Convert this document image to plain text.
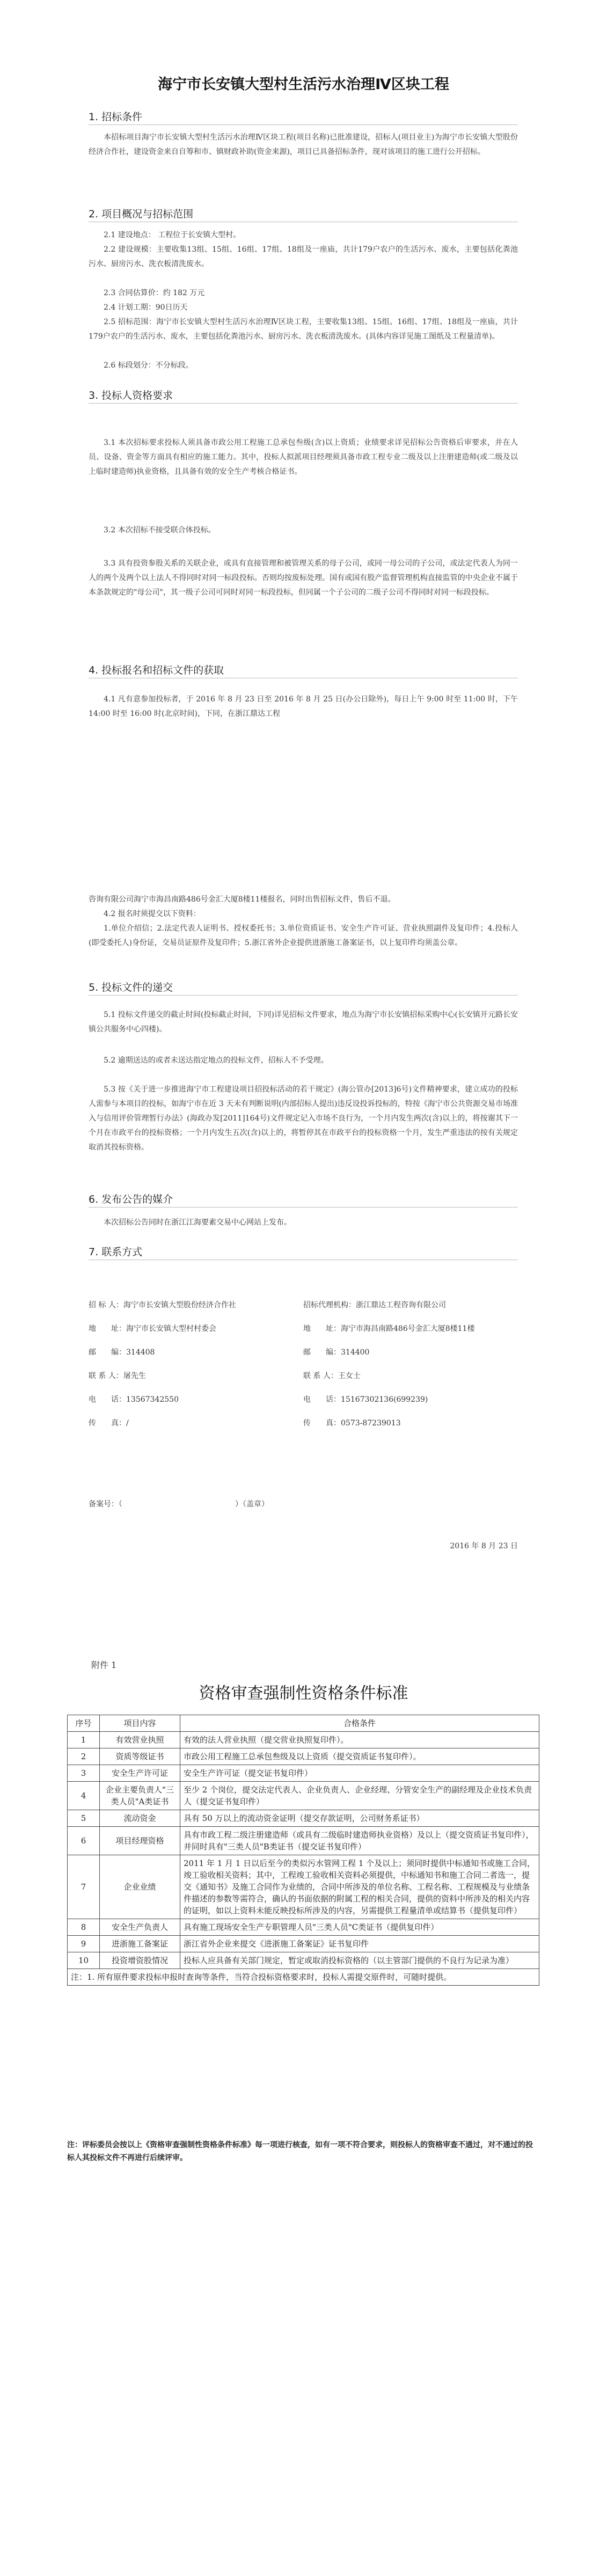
海宁市长安镇大型村生活污水治理Ⅳ区块工程
1. 招标条件
本招标项目海宁市长安镇大型村生活污水治理Ⅳ区块工程(项目名称)已批准建设，招标人(项目业主)为海宁市长安镇大型股份经济合作社，建设资金来自自筹和市、镇财政补助(资金来源)，项目已具备招标条件，现对该项目的施工进行公开招标。
2. 项目概况与招标范围
2.1 建设地点： 工程位于长安镇大型村。
2.2 建设规模：主要收集13组、15组、16组、17组、18组及一座庙，共计179户农户的生活污水、废水，主要包括化粪池污水、厨房污水、洗衣板清洗废水。
2.3 合同估算价：约 182 万元
2.4 计划工期：90日历天
2.5 招标范围：海宁市长安镇大型村生活污水治理Ⅳ区块工程，主要收集13组、15组、16组、17组、18组及一座庙，共计179户农户的生活污水、废水，主要包括化粪池污水、厨房污水、洗衣板清洗废水。(具体内容详见施工图纸及工程量清单)。
2.6 标段划分：不分标段。
3. 投标人资格要求
3.1 本次招标要求投标人须具备市政公用工程施工总承包叁级(含)以上资质；业绩要求详见招标公告资格后审要求，并在人员、设备、资金等方面具有相应的施工能力。其中，投标人拟派项目经理须具备市政工程专业二级及以上注册建造师(或二级及以上临时建造师)执业资格，且具备有效的安全生产考核合格证书。
3.2 本次招标不接受联合体投标。
3.3 具有投资参股关系的关联企业，或具有直接管理和被管理关系的母子公司，或同一母公司的子公司，或法定代表人为同一人的两个及两个以上法人不得同时对同一标段投标。否则均按废标处理。国有或国有股产监督管理机构直接监管的中央企业不属于本条款规定的"母公司"，其一级子公司可同时对同一标段投标，但同属一个子公司的二级子公司不得同时对同一标段投标。
4. 投标报名和招标文件的获取
4.1 凡有意参加投标者，于 2016 年 8 月 23 日至 2016 年 8 月 25 日(办公日除外)，每日上午 9:00 时至 11:00 时，下午 14:00 时至 16:00 时(北京时间)，下同，在浙江鼎达工程
咨询有限公司海宁市海昌南路486号金汇大厦8楼11楼报名，同时出售招标文件，售后不退。
4.2 报名时须提交以下资料：
1.单位介绍信；2.法定代表人证明书、授权委托书；3.单位资质证书、安全生产许可证、营业执照副件及复印件；4.投标人(即受委托人)身份证，交易员证原件及复印件；5.浙江省外企业提供进浙施工备案证书，以上复印件均须盖公章。
5. 投标文件的递交
5.1 投标文件递交的截止时间(投标截止时间，下同)详见招标文件要求，地点为海宁市长安镇招标采购中心(长安镇开元路长安镇公共服务中心四楼)。
5.2 逾期送达的或者未送达指定地点的投标文件，招标人不予受理。
5.3 按《关于进一步推进海宁市工程建设项目招投标活动的若干规定》(海公管办[2013]6号)文件精神要求，建立成功的投标人需参与本项目的投标，如海宁市在近 3 天未有判断说明(内部招标人提出)违反设投诉投标的，特按《海宁市公共资源交易市场准入与信用评价管理暂行办法》(海政办发[2011]164号)文件规定记入市场不良行为，一个月内发生两次(含)以上的，将按谢其下一个月在市政平台的投标资格；一个月内发生五次(含)以上的，将暂停其在市政平台的投标资格一个月，发生严重违法的按有关规定取消其投标资格。
6. 发布公告的媒介
本次招标公告同时在浙江江海要素交易中心网站上发布。
7. 联系方式
招 标 人：海宁市长安镇大型股份经济合作社	招标代理机构：浙江鼎达工程咨询有限公司
地　　址：海宁市长安镇大型村村委会	地　　址：海宁市海昌南路486号金汇大厦8楼11楼
邮　　编：314408	邮　　编：314400
联 系 人：屠先生	联 系 人：王女士
电　　话：13567342550	电　　话：15167302136(699239)
传　　真：/	传　　真：0573-87239013
备案号：（　　　　　　　　　　　　　　　）（盖章）
2016 年 8 月 23 日
附件 1
资格审查强制性资格条件标准
序号	项目内容	合格条件
1	有效营业执照	有效的法人营业执照（提交营业执照复印件）。
2	资质等级证书	市政公用工程施工总承包叁级及以上资质（提交资质证书复印件）。
3	安全生产许可证	安全生产许可证（提交证书复印件）
4	企业主要负责人"三类人员"A类证书	至少 2 个岗位，提交法定代表人、企业负责人、企业经理、分管安全生产的副经理及企业技术负责人（提交证书复印件）
5	流动资金	具有 50 万以上的流动资金证明（提交存款证明，公司财务系证书）
6	项目经理资格	具有市政工程二级注册建造师（或具有二级临时建造师执业资格）及以上（提交资质证书复印件），并同时具有"三类人员"B类证书（提交证书复印件）
7	企业业绩	2011 年 1 月 1 日以后至今的类似污水管网工程 1 个及以上；须同时提供中标通知书或施工合同，竣工验收相关资料；其中，工程竣工验收相关资料必须提供，中标通知书和施工合同二者选一，提交《通知书》及施工合同作为业绩的，合同中所涉及的单位名称、工程名称、工程规模及与业绩条件描述的参数等需符合，确认的书面依据的附属工程的相关合同，提供的资料中所涉及的相关内容的证明，如以上资料未能反映投标所涉及的内容，另需提供工程量清单或结算书（提供复印件）
8	安全生产负责人	具有施工现场安全生产专职管理人员"三类人员"C类证书（提供复印件）
9	进浙施工备案证	浙江省外企业来提交《进浙施工备案证》证书复印件
10	投资增资股情况	投标人应具备有关部门规定，暂定或取消投标资格的（以主管部门提供的不良行为记录为准）
注：1. 所有原件要求投标申报时查询等条件，当符合投标资格要求时，投标人需提交原件时，可随时提供。		
注：评标委员会按以上《资格审查强制性资格条件标准》每一项进行核查，如有一项不符合要求，则投标人的资格审查不通过，对不通过的投标人其投标文件不再进行后续评审。
